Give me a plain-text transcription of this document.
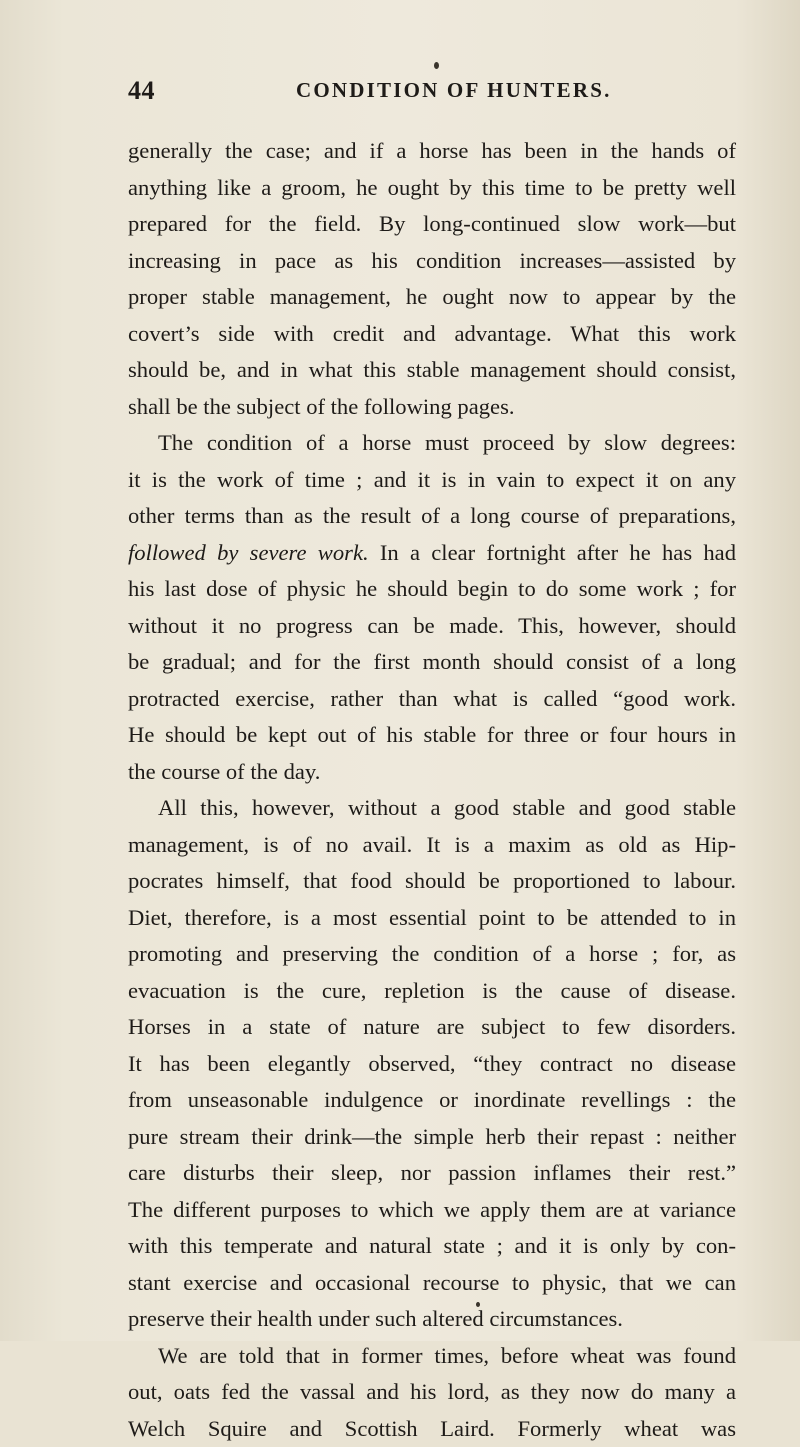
44	CONDITION OF HUNTERS.
generally the case; and if a horse has been in the hands of
anything like a groom, he ought by this time to be pretty well
prepared for the field. By long-continued slow work—but
increasing in pace as his condition increases—assisted by
proper stable management, he ought now to appear by the
covert’s side with credit and advantage. What this work
should be, and in what this stable management should consist,
shall be the subject of the following pages.
The condition of a horse must proceed by slow degrees:
it is the work of time ; and it is in vain to expect it on any
other terms than as the result of a long course of preparations,
followed by severe work. In a clear fortnight after he has had
his last dose of physic he should begin to do some work ; for
without it no progress can be made. This, however, should
be gradual; and for the first month should consist of a long
protracted exercise, rather than what is called “good work.
He should be kept out of his stable for three or four hours in
the course of the day.
All this, however, without a good stable and good stable
management, is of no avail. It is a maxim as old as Hip-
pocrates himself, that food should be proportioned to labour.
Diet, therefore, is a most essential point to be attended to in
promoting and preserving the condition of a horse ; for, as
evacuation is the cure, repletion is the cause of disease.
Horses in a state of nature are subject to few disorders.
It has been elegantly observed, “they contract no disease
from unseasonable indulgence or inordinate revellings : the
pure stream their drink—the simple herb their repast : neither
care disturbs their sleep, nor passion inflames their rest.”
The different purposes to which we apply them are at variance
with this temperate and natural state ; and it is only by con-
stant exercise and occasional recourse to physic, that we can
preserve their health under such altered circumstances.
We are told that in former times, before wheat was found
out, oats fed the vassal and his lord, as they now do many a
Welch Squire and Scottish Laird. Formerly wheat was
